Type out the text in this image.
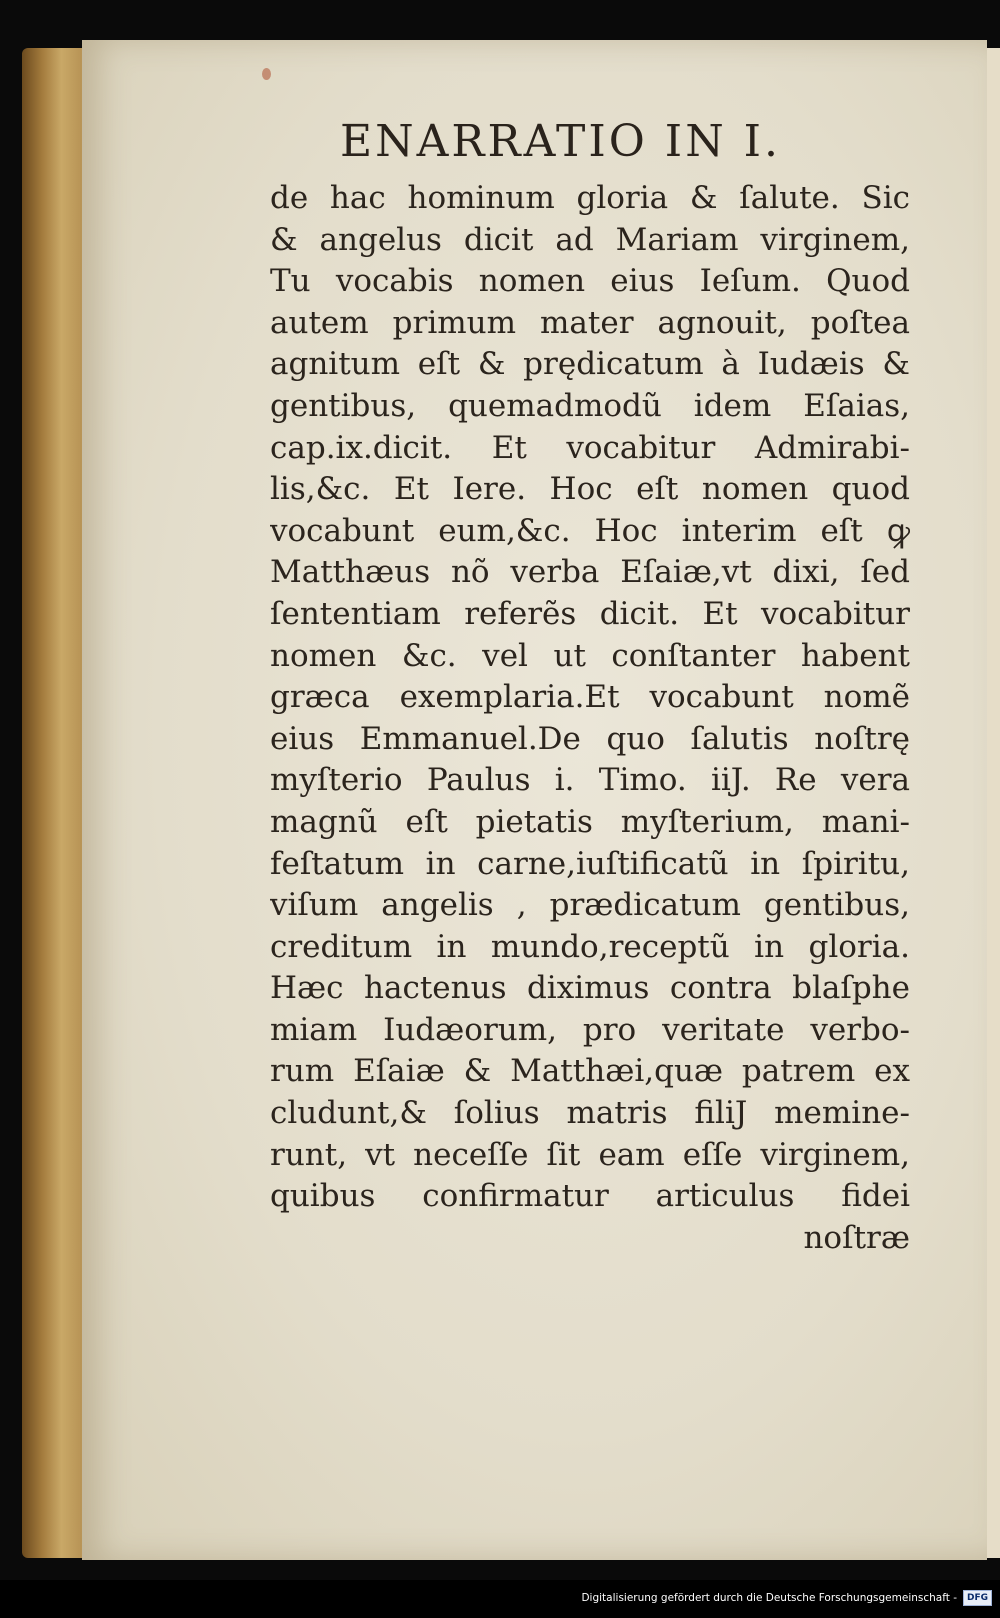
ENARRATIO IN I.
de hac hominum gloria & ſalute. Sic
& angelus dicit ad Mariam virginem,
Tu vocabis nomen eius Ieſum. Quod
autem primum mater agnouit, poſtea
agnitum eſt & prędicatum à Iudæis &
gentibus, quemadmodũ idem Eſaias,
cap.ix.dicit. Et vocabitur Admirabi-
lis,&c. Et Iere. Hoc eſt nomen quod
vocabunt eum,&c. Hoc interim eſt ꝙ
Matthæus nõ verba Eſaiæ,vt dixi, ſed
ſententiam referẽs dicit. Et vocabitur
nomen &c. vel ut conſtanter habent
græca exemplaria.Et vocabunt nomẽ
eius Emmanuel.De quo ſalutis noſtrę
myſterio Paulus i. Timo. iiJ. Re vera
magnũ eſt pietatis myſterium, mani-
feſtatum in carne,iuſtificatũ in ſpiritu,
viſum angelis , prædicatum gentibus,
creditum in mundo,receptũ in gloria.
Hæc hactenus diximus contra blaſphe
miam Iudæorum, pro veritate verbo-
rum Eſaiæ & Matthæi,quæ patrem ex
cludunt,& ſolius matris filiJ memine-
runt, vt neceſſe ſit eam eſſe virginem,
quibus confirmatur articulus fidei
noſtræ
Digitalisierung gefördert durch die Deutsche Forschungsgemeinschaft -	DFG
